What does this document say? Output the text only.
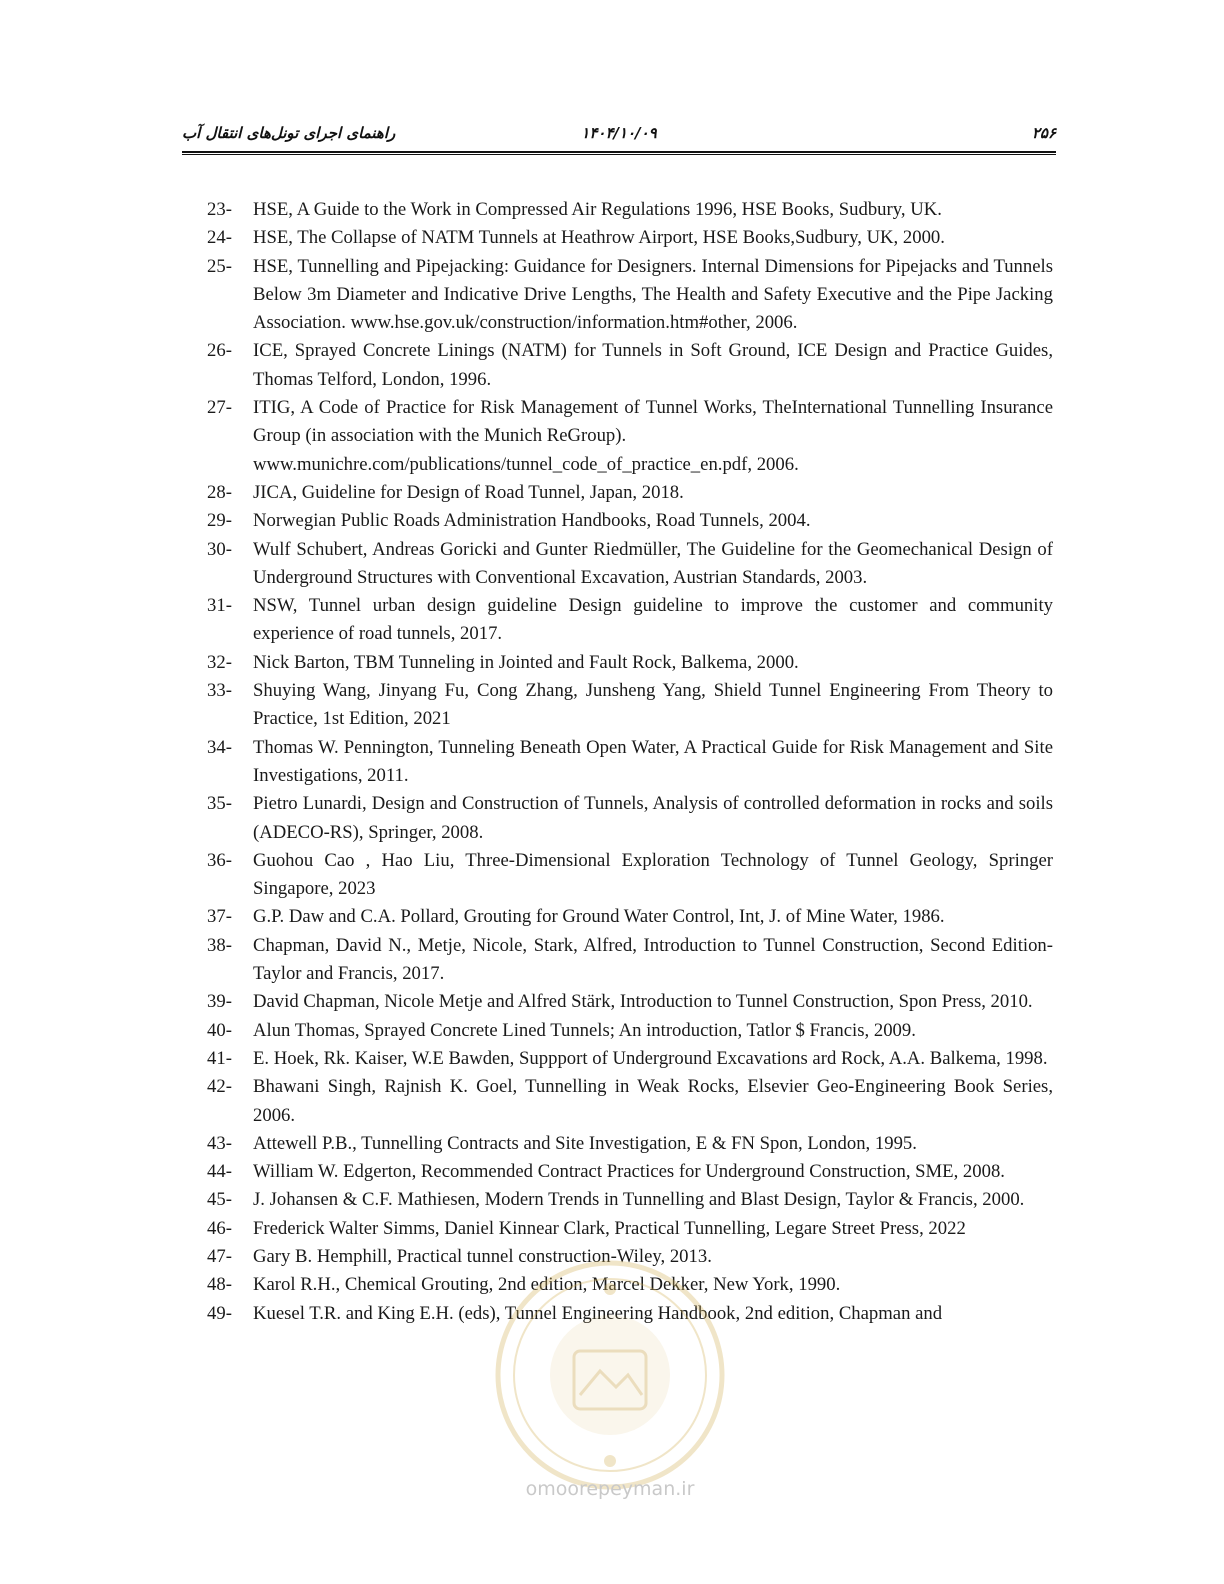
راهنمای اجرای تونل‌های انتقال آب	۱۴۰۴/۱۰/۰۹	۲۵۶
23- HSE, A Guide to the Work in Compressed Air Regulations 1996, HSE Books, Sudbury, UK.
24- HSE, The Collapse of NATM Tunnels at Heathrow Airport, HSE Books,Sudbury, UK, 2000.
25- HSE, Tunnelling and Pipejacking: Guidance for Designers. Internal Dimensions for Pipejacks and Tunnels Below 3m Diameter and Indicative Drive Lengths, The Health and Safety Executive and the Pipe Jacking Association. www.hse.gov.uk/construction/information.htm#other, 2006.
26- ICE, Sprayed Concrete Linings (NATM) for Tunnels in Soft Ground, ICE Design and Practice Guides, Thomas Telford, London, 1996.
27- ITIG, A Code of Practice for Risk Management of Tunnel Works, TheInternational Tunnelling Insurance Group (in association with the Munich ReGroup).
www.munichre.com/publications/tunnel_code_of_practice_en.pdf, 2006.
28- JICA, Guideline for Design of Road Tunnel, Japan, 2018.
29- Norwegian Public Roads Administration Handbooks, Road Tunnels, 2004.
30- Wulf Schubert, Andreas Goricki and Gunter Riedmüller, The Guideline for the Geomechanical Design of Underground Structures with Conventional Excavation, Austrian Standards, 2003.
31- NSW, Tunnel urban design guideline Design guideline to improve the customer and community experience of road tunnels, 2017.
32- Nick Barton, TBM Tunneling in Jointed and Fault Rock, Balkema, 2000.
33- Shuying Wang, Jinyang Fu, Cong Zhang, Junsheng Yang, Shield Tunnel Engineering From Theory to Practice, 1st Edition, 2021
34- Thomas W. Pennington, Tunneling Beneath Open Water, A Practical Guide for Risk Management and Site Investigations, 2011.
35- Pietro Lunardi, Design and Construction of Tunnels, Analysis of controlled deformation in rocks and soils (ADECO-RS), Springer, 2008.
36- Guohou Cao , Hao Liu, Three-Dimensional Exploration Technology of Tunnel Geology, Springer Singapore, 2023
37- G.P. Daw and C.A. Pollard, Grouting for Ground Water Control, Int, J. of Mine Water, 1986.
38- Chapman, David N., Metje, Nicole, Stark, Alfred, Introduction to Tunnel Construction, Second Edition-Taylor and Francis, 2017.
39- David Chapman, Nicole Metje and Alfred Stärk, Introduction to Tunnel Construction, Spon Press, 2010.
40- Alun Thomas, Sprayed Concrete Lined Tunnels; An introduction, Tatlor $ Francis, 2009.
41- E. Hoek, Rk. Kaiser, W.E Bawden, Suppport of Underground Excavations ard Rock, A.A. Balkema, 1998.
42- Bhawani Singh, Rajnish K. Goel, Tunnelling in Weak Rocks, Elsevier Geo-Engineering Book Series, 2006.
43- Attewell P.B., Tunnelling Contracts and Site Investigation, E & FN Spon, London, 1995.
44- William W. Edgerton, Recommended Contract Practices for Underground Construction, SME, 2008.
45- J. Johansen & C.F. Mathiesen, Modern Trends in Tunnelling and Blast Design, Taylor & Francis, 2000.
46- Frederick Walter Simms, Daniel Kinnear Clark, Practical Tunnelling, Legare Street Press, 2022
47- Gary B. Hemphill, Practical tunnel construction-Wiley, 2013.
48- Karol R.H., Chemical Grouting, 2nd edition, Marcel Dekker, New York, 1990.
49- Kuesel T.R. and King E.H. (eds), Tunnel Engineering Handbook, 2nd edition, Chapman and
omoorepeyman.ir
